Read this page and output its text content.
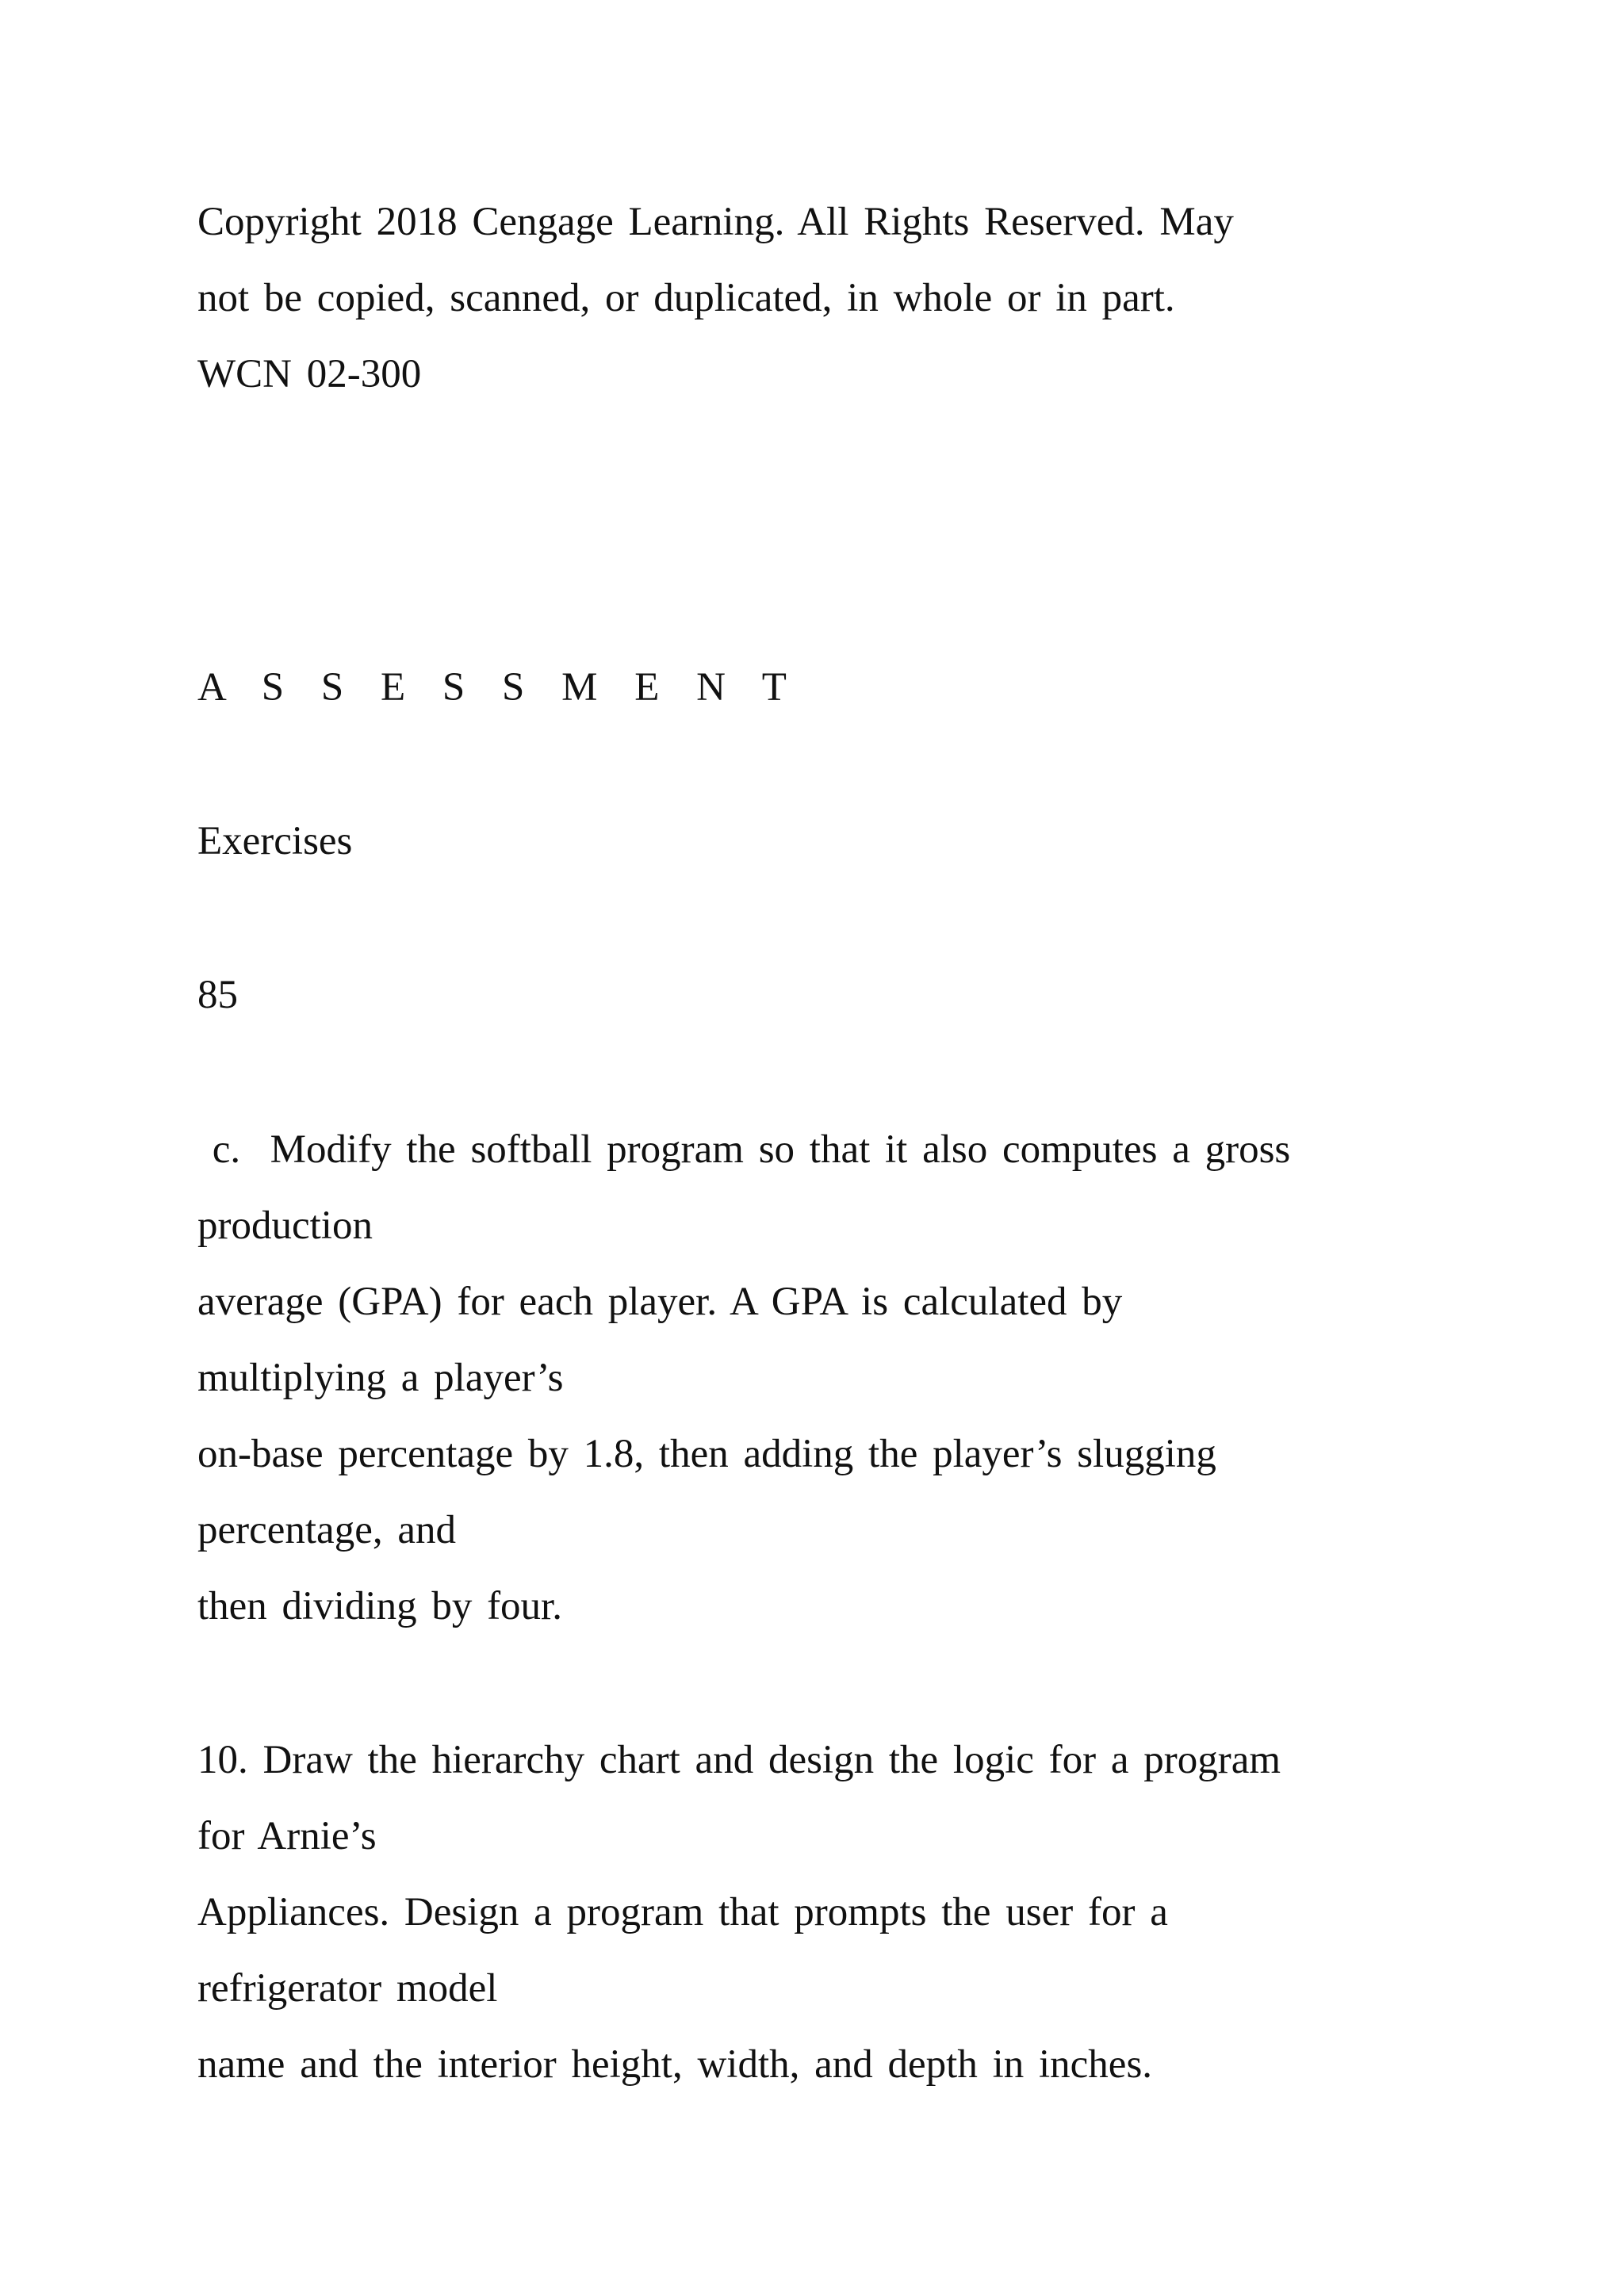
Copyright 2018 Cengage Learning. All Rights Reserved. May

not be copied, scanned, or duplicated, in whole or in part.

WCN 02-300

A S S E S S M E N T

Exercises

85

c.  Modify the softball program so that it also computes a gross

production

average (GPA) for each player. A GPA is calculated by

multiplying a player’s

on-base percentage by 1.8, then adding the player’s slugging

percentage, and

then dividing by four.

10. Draw the hierarchy chart and design the logic for a program

for Arnie’s

Appliances. Design a program that prompts the user for a

refrigerator model

name and the interior height, width, and depth in inches.
